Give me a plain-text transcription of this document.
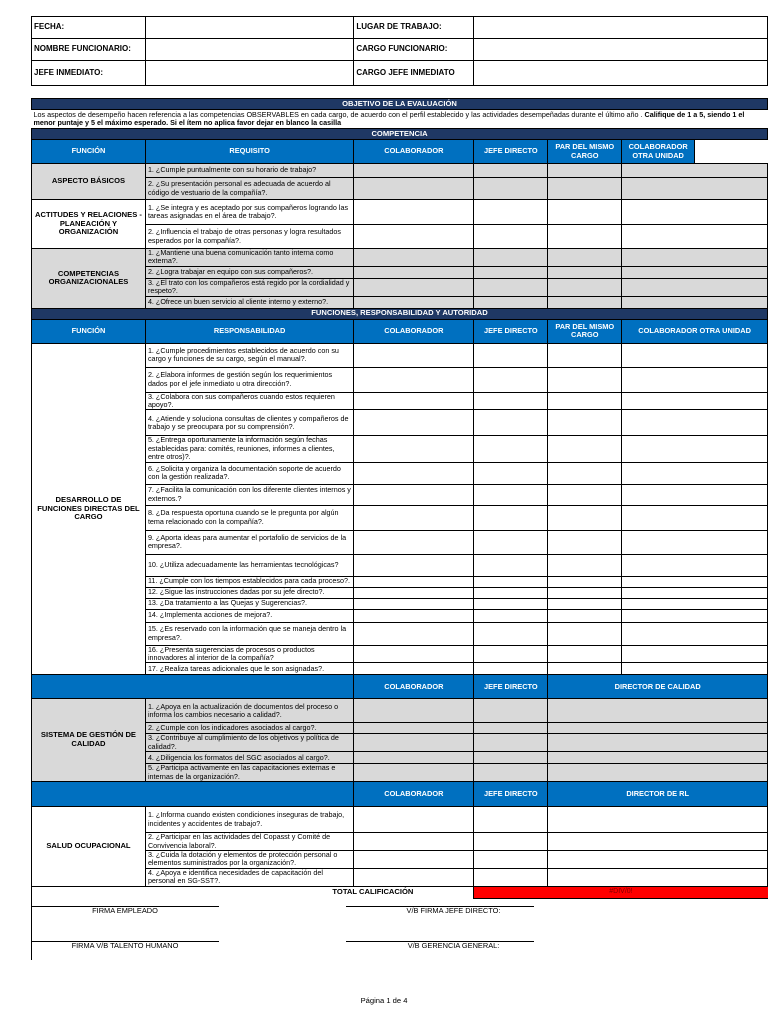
FECHA:		LUGAR DE TRABAJO:			
NOMBRE FUNCIONARIO:		CARGO FUNCIONARIO:			
JEFE INMEDIATO:		CARGO JEFE INMEDIATO			

OBJETIVO DE LA EVALUACIÓN					
Los aspectos de desempeño hacen referencia a las competencias OBSERVABLES en cada cargo, de acuerdo con el perfil establecido y las actividades desempeñadas durante el último año . Califique de 1 a 5, siendo 1 el menor puntaje y 5 el máximo esperado. Si el ítem no aplica favor dejar en blanco la casilla					
COMPETENCIA					
FUNCIÓN	REQUISITO	COLABORADOR	JEFE DIRECTO	PAR DEL MISMO CARGO	COLABORADOR OTRA UNIDAD
ASPECTO BÁSICOS	1. ¿Cumple puntualmente con su horario de trabajo?				
	2. ¿Su presentación personal es adecuada de acuerdo al código de vestuario de la compañía?.				
ACTITUDES Y RELACIONES - PLANEACIÓN Y ORGANIZACIÓN	1. ¿Se integra y es aceptado por sus compañeros logrando las tareas asignadas en el área de trabajo?.				
	2. ¿Influencia el trabajo de otras personas y logra resultados esperados por la compañía?.				
COMPETENCIAS ORGANIZACIONALES	1. ¿Mantiene una buena comunicación tanto interna como externa?.				
	2. ¿Logra trabajar en equipo con sus compañeros?.				
	3. ¿El trato con los compañeros está regido por la cordialidad y respeto?.				
	4. ¿Ofrece un buen servicio al cliente interno y externo?.				
FUNCIONES, RESPONSABILIDAD Y AUTORIDAD					
FUNCIÓN	RESPONSABILIDAD	COLABORADOR	JEFE DIRECTO	PAR DEL MISMO CARGO	COLABORADOR OTRA UNIDAD
DESARROLLO DE FUNCIONES DIRECTAS DEL CARGO	1. ¿Cumple procedimientos establecidos de acuerdo con su cargo y funciones de su cargo, según el manual?.				
	2. ¿Elabora informes de gestión según los requerimientos dados por el jefe inmediato u otra dirección?.				
	3. ¿Colabora con sus compañeros cuando estos requieren apoyo?.				
	4. ¿Atiende y soluciona consultas de clientes y compañeros de trabajo y se preocupara por su comprensión?.				
	5. ¿Entrega oportunamente la información según fechas establecidas para: comités, reuniones, informes a clientes, entre otros)?.				
	6. ¿Solicita y organiza la documentación soporte de acuerdo con la gestión realizada?.				
	7. ¿Facilita la comunicación con los diferente clientes internos y externos.?				
	8. ¿Da respuesta oportuna cuando se le pregunta por algún tema relacionado con la compañía?.				
	9. ¿Aporta ideas para aumentar el portafolio de servicios de la empresa?.				
	10. ¿Utiliza adecuadamente las herramientas tecnológicas?				
	11. ¿Cumple con los tiempos establecidos para cada proceso?.				
	12. ¿Sigue las instrucciones dadas por su jefe directo?.				
	13. ¿Da tratamiento a las Quejas y Sugerencias?.				
	14. ¿Implementa acciones de mejora?.				
	15. ¿Es reservado con la información que se maneja dentro la empresa?.				
	16. ¿Presenta sugerencias de procesos o productos innovadores al interior de la compañía?				
	17. ¿Realiza tareas adicionales que le son asignadas?.				
		COLABORADOR	JEFE DIRECTO	DIRECTOR DE CALIDAD	
SISTEMA DE GESTIÓN DE CALIDAD	1. ¿Apoya en la actualización de documentos del proceso o informa los cambios necesario a calidad?.				
	2. ¿Cumple con los indicadores asociados al cargo?.				
	3. ¿Contribuye al cumplimiento de los objetivos y política de calidad?.				
	4. ¿Diligencia los formatos del SGC asociados al cargo?.				
	5. ¿Participa activamente en las capacitaciones externas e internas de la organización?.				
		COLABORADOR	JEFE DIRECTO	DIRECTOR DE RL	
SALUD OCUPACIONAL	1. ¿Informa cuando existen condiciones inseguras de trabajo, incidentes y accidentes de trabajo?.				
	2. ¿Participar en las actividades del Copasst y Comité de Convivencia laboral?.				
	3. ¿Cuida la dotación y elementos de protección personal o elementos suministrados por la organización?.				
	4. ¿Apoya e identifica necesidades de capacitación del personal en SG-SST?.				
TOTAL CALIFICACIÓN			#DIV/0!		
FIRMA EMPLEADO	V/B FIRMA JEFE DIRECTO:
FIRMA V/B TALENTO HUMANO	V/B GERENCIA GENERAL:
Página 1 de 4
